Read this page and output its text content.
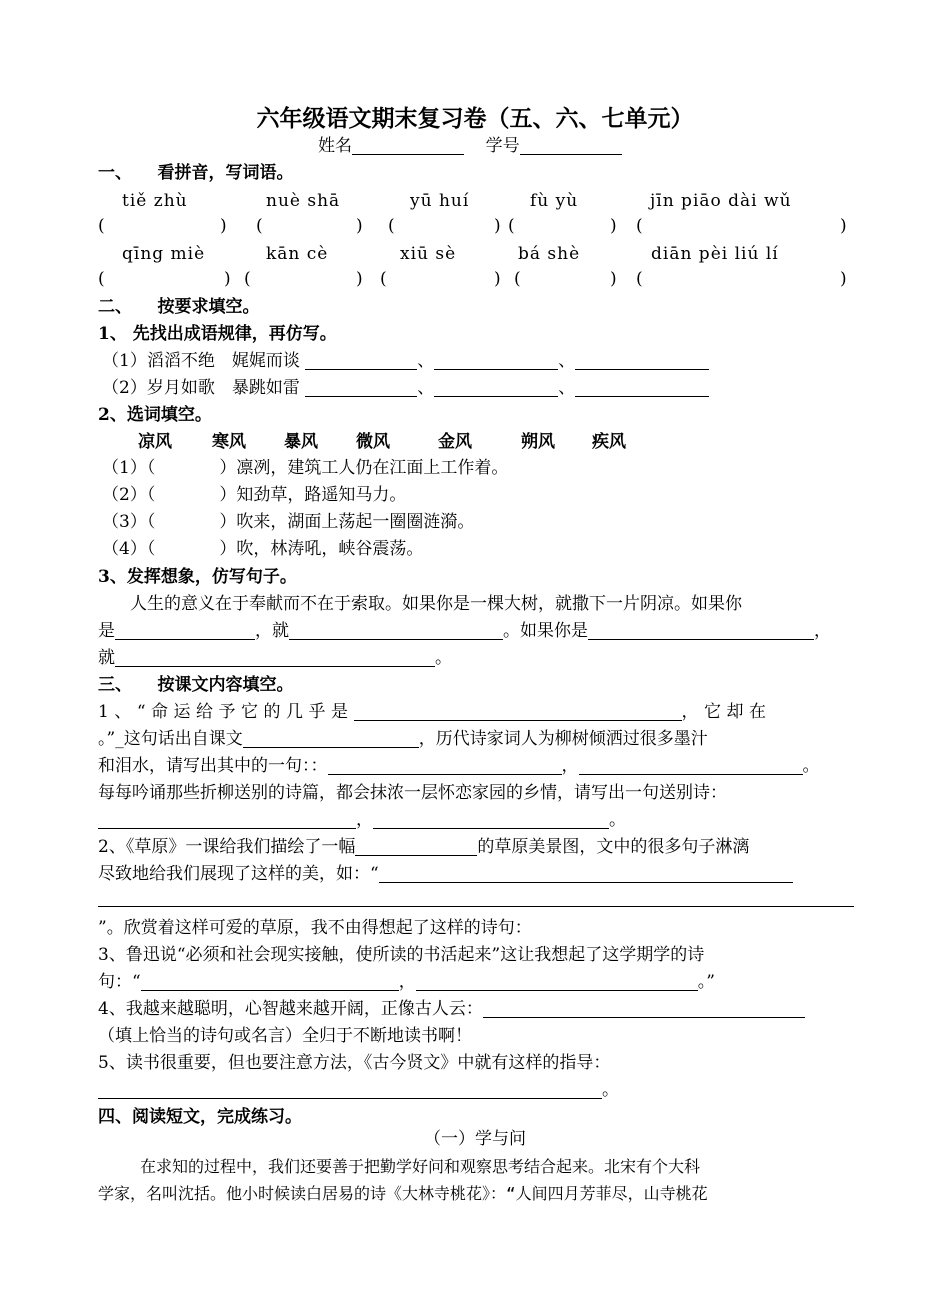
六年级语文期末复习卷（五、六、七单元）
姓名	学号
一、　　看拼音，写词语。
tiě zhù	nuè shā	yū huí	fù yù	jīn piāo dài wǔ
(	) (	) (	) (	) (	)
qīng miè	kān cè	xiū sè	bá shè	diān pèi liú lí
(	) (	) (	) (	) (	)
二、　　按要求填空。
1、 先找出成语规律，再仿写。
（1）滔滔不绝　娓娓而谈	、	、
（2）岁月如歌　暴跳如雷	、	、
2、选词填空。
凉风 寒风 暴风 微风	金风	朔风 疾风
（1）（	）凛冽，建筑工人仍在江面上工作着。
（2）（	）知劲草，路遥知马力。
（3）（	）吹来，湖面上荡起一圈圈涟漪。
（4）（	）吹，林涛吼，峡谷震荡。
3、发挥想象，仿写句子。
人生的意义在于奉献而不在于索取。如果你是一棵大树，就撒下一片阴凉。如果你
是	，就	。如果你是	，
就	。
三、　　按课文内容填空。
1、“命运给予它的几乎是	，它却在
。”_这句话出自课文	，历代诗家词人为柳树倾洒过很多墨汁
和泪水，请写出其中的一句：：	，	。
每每吟诵那些折柳送别的诗篇，都会抹浓一层怀恋家园的乡情，请写出一句送别诗：
，	。
2、《草原》一课给我们描绘了一幅	的草原美景图，文中的很多句子淋漓
尽致地给我们展现了这样的美，如：“
”。欣赏着这样可爱的草原，我不由得想起了这样的诗句：
3、鲁迅说“必须和社会现实接触，使所读的书活起来”这让我想起了这学期学的诗
句：“	，	。”
4、我越来越聪明，心智越来越开阔，正像古人云：
（填上恰当的诗句或名言）全归于不断地读书啊！
5、读书很重要，但也要注意方法，《古今贤文》中就有这样的指导：
。
四、阅读短文，完成练习。
（一）学与问
在求知的过程中，我们还要善于把勤学好问和观察思考结合起来。北宋有个大科
学家，名叫沈括。他小时候读白居易的诗《大林寺桃花》：“人间四月芳菲尽，山寺桃花
